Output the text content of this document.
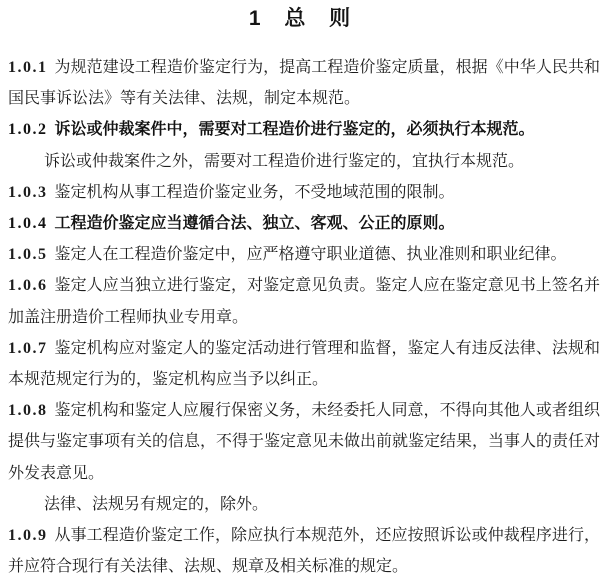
1 总 则

1.0.1 为规范建设工程造价鉴定行为，提高工程造价鉴定质量，根据《中华人民共和国民事诉讼法》等有关法律、法规，制定本规范。

1.0.2 诉讼或仲裁案件中，需要对工程造价进行鉴定的，必须执行本规范。

诉讼或仲裁案件之外，需要对工程造价进行鉴定的，宜执行本规范。

1.0.3 鉴定机构从事工程造价鉴定业务，不受地域范围的限制。

1.0.4 工程造价鉴定应当遵循合法、独立、客观、公正的原则。

1.0.5 鉴定人在工程造价鉴定中，应严格遵守职业道德、执业准则和职业纪律。

1.0.6 鉴定人应当独立进行鉴定，对鉴定意见负责。鉴定人应在鉴定意见书上签名并加盖注册造价工程师执业专用章。

1.0.7 鉴定机构应对鉴定人的鉴定活动进行管理和监督，鉴定人有违反法律、法规和本规范规定行为的，鉴定机构应当予以纠正。

1.0.8 鉴定机构和鉴定人应履行保密义务，未经委托人同意，不得向其他人或者组织提供与鉴定事项有关的信息，不得于鉴定意见未做出前就鉴定结果，当事人的责任对外发表意见。

法律、法规另有规定的，除外。

1.0.9 从事工程造价鉴定工作，除应执行本规范外，还应按照诉讼或仲裁程序进行，并应符合现行有关法律、法规、规章及相关标准的规定。
